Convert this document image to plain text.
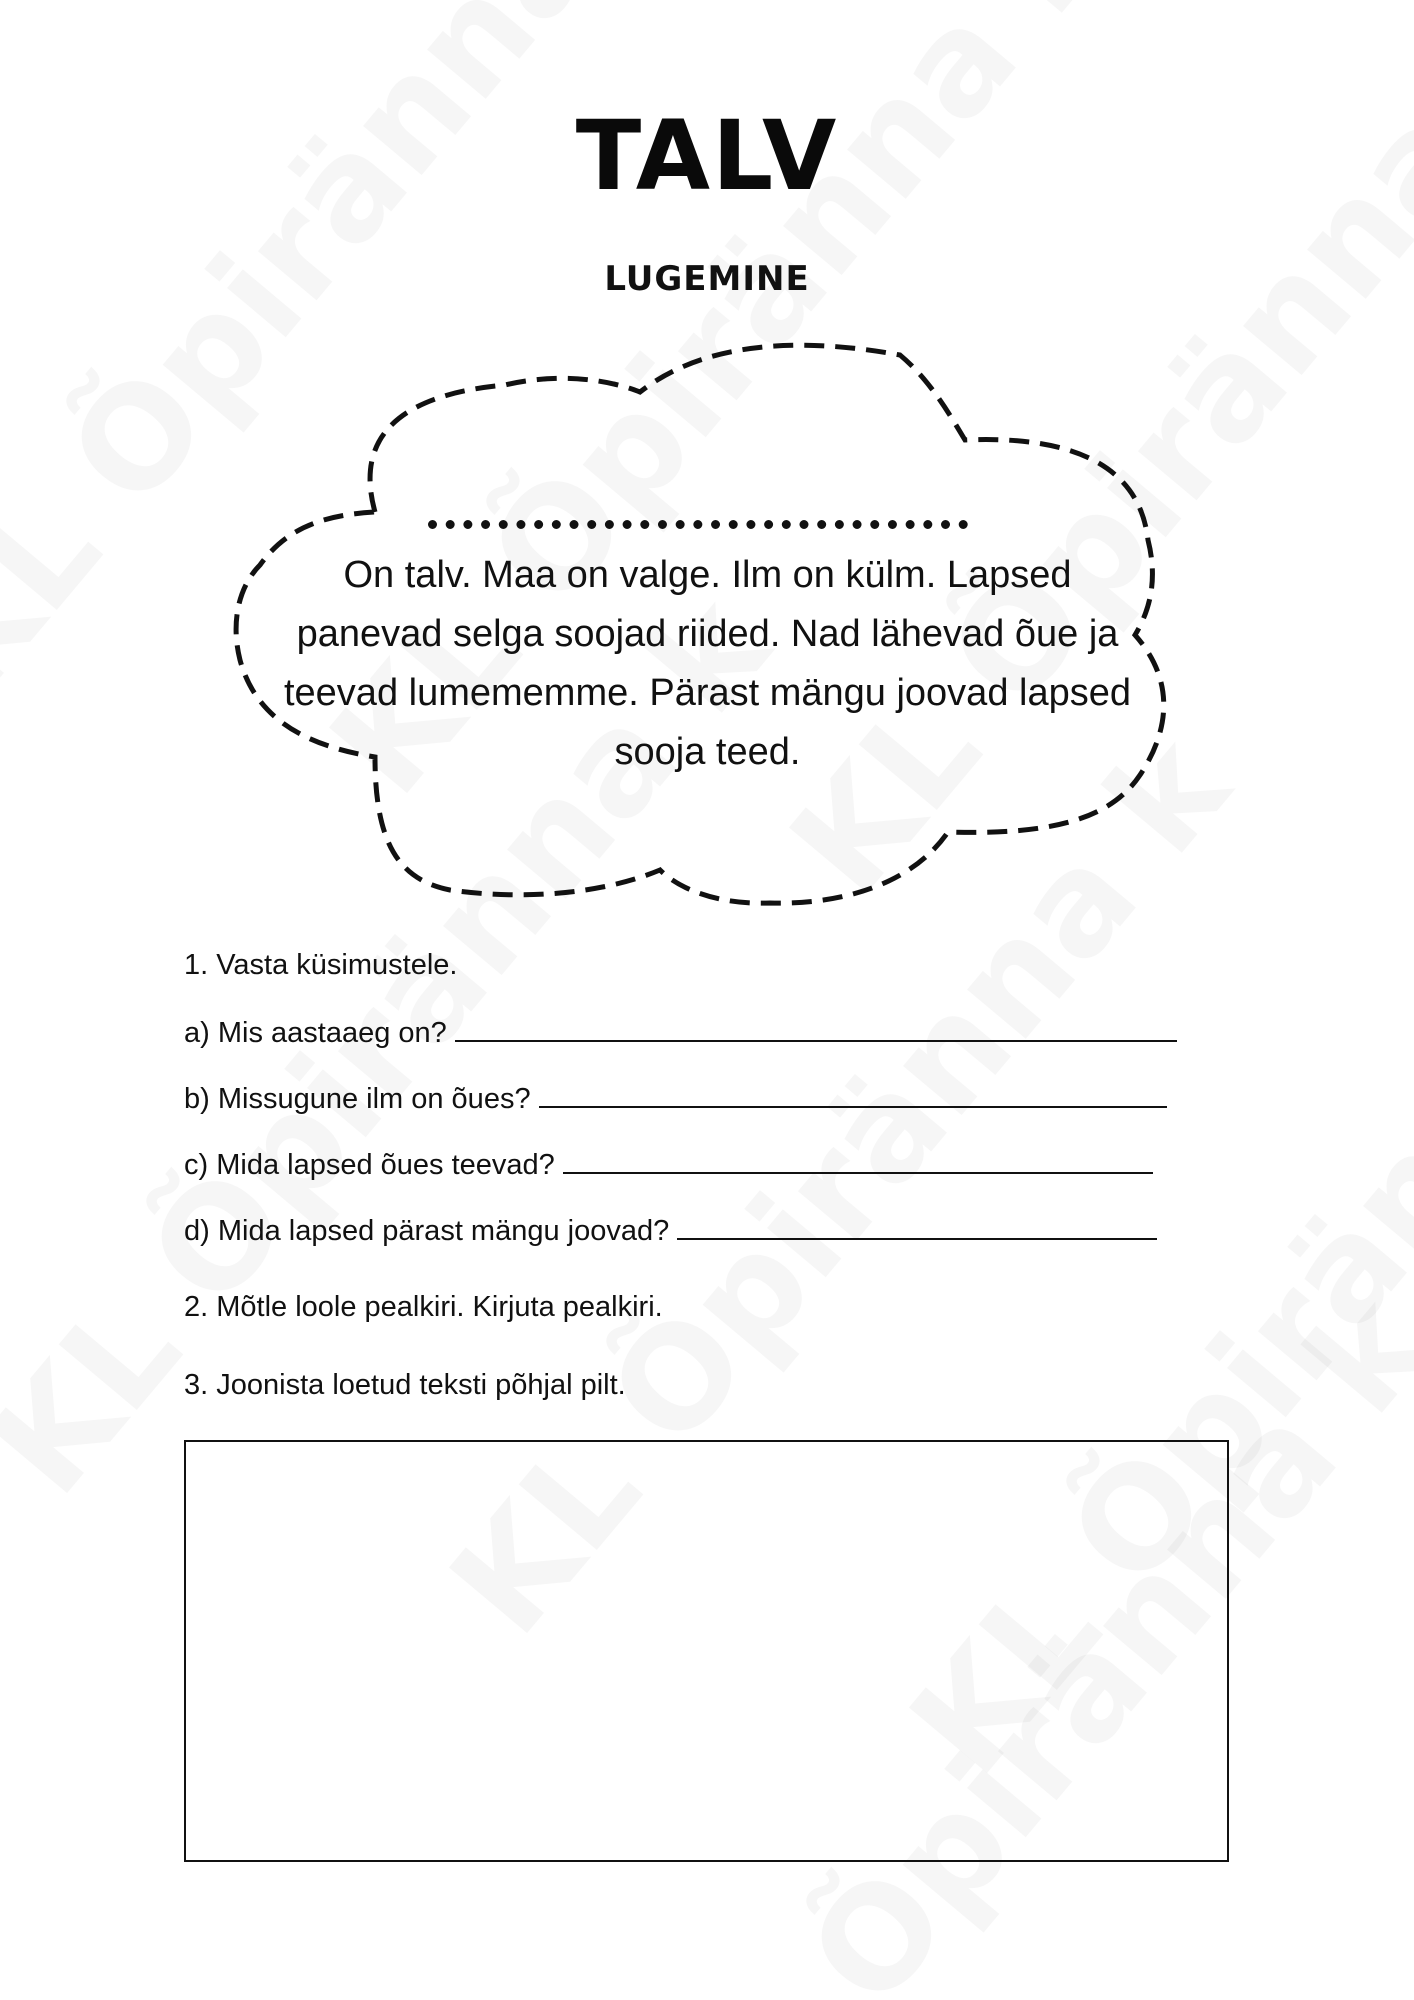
TALV
LUGEMINE
On talv. Maa on valge. Ilm on külm. Lapsed panevad selga soojad riided. Nad lähevad õue ja teevad lumememme. Pärast mängu joovad lapsed sooja teed.
1. Vasta küsimustele.
a) Mis aastaaeg on?
b) Missugune ilm on õues?
c) Mida lapsed õues teevad?
d) Mida lapsed pärast mängu joovad?
2. Mõtle loole pealkiri. Kirjuta pealkiri.
3. Joonista loetud teksti põhjal pilt.
